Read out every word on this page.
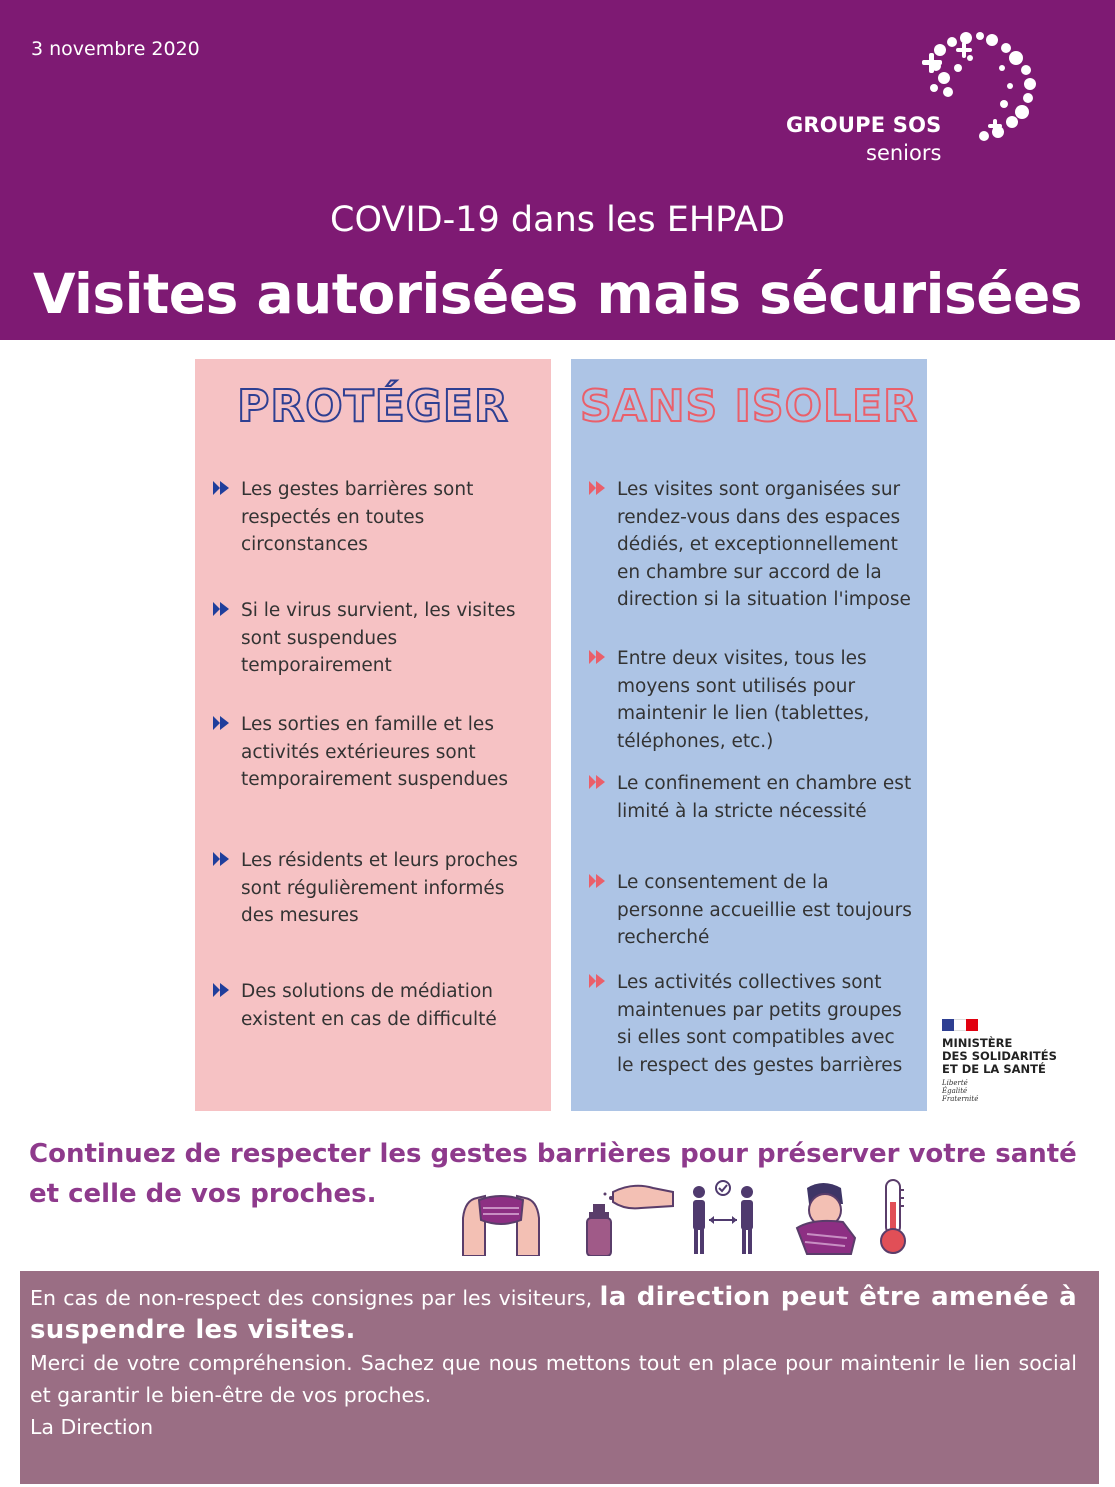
3 novembre 2020
GROUPE SOS
seniors
COVID-19 dans les EHPAD
Visites autorisées mais sécurisées
PROTÉGER
Les gestes barrières sont respectés en toutes circonstances
Si le virus survient, les visites sont suspendues temporairement
Les sorties en famille et les activités extérieures sont temporairement suspendues
Les résidents et leurs proches sont régulièrement informés des mesures
Des solutions de médiation existent en cas de difficulté
SANS ISOLER
Les visites sont organisées sur rendez-vous dans des espaces dédiés, et exceptionnellement en chambre sur accord de la direction si la situation l'impose
Entre deux visites, tous les moyens sont utilisés pour maintenir le lien (tablettes, téléphones, etc.)
Le confinement en chambre est limité à la stricte nécessité
Le consentement de la personne accueillie est toujours recherché
Les activités collectives sont maintenues par petits groupes si elles sont compatibles avec le respect des gestes barrières
MINISTÈRE
DES SOLIDARITÉS
ET DE LA SANTÉ
Liberté
Égalité
Fraternité
Continuez de respecter les gestes barrières pour préserver votre santé et celle de vos proches.

En cas de non-respect des consignes par les visiteurs, la direction peut être amenée à suspendre les visites.

Merci de votre compréhension. Sachez que nous mettons tout en place pour maintenir le lien social et garantir le bien-être de vos proches.

La Direction
